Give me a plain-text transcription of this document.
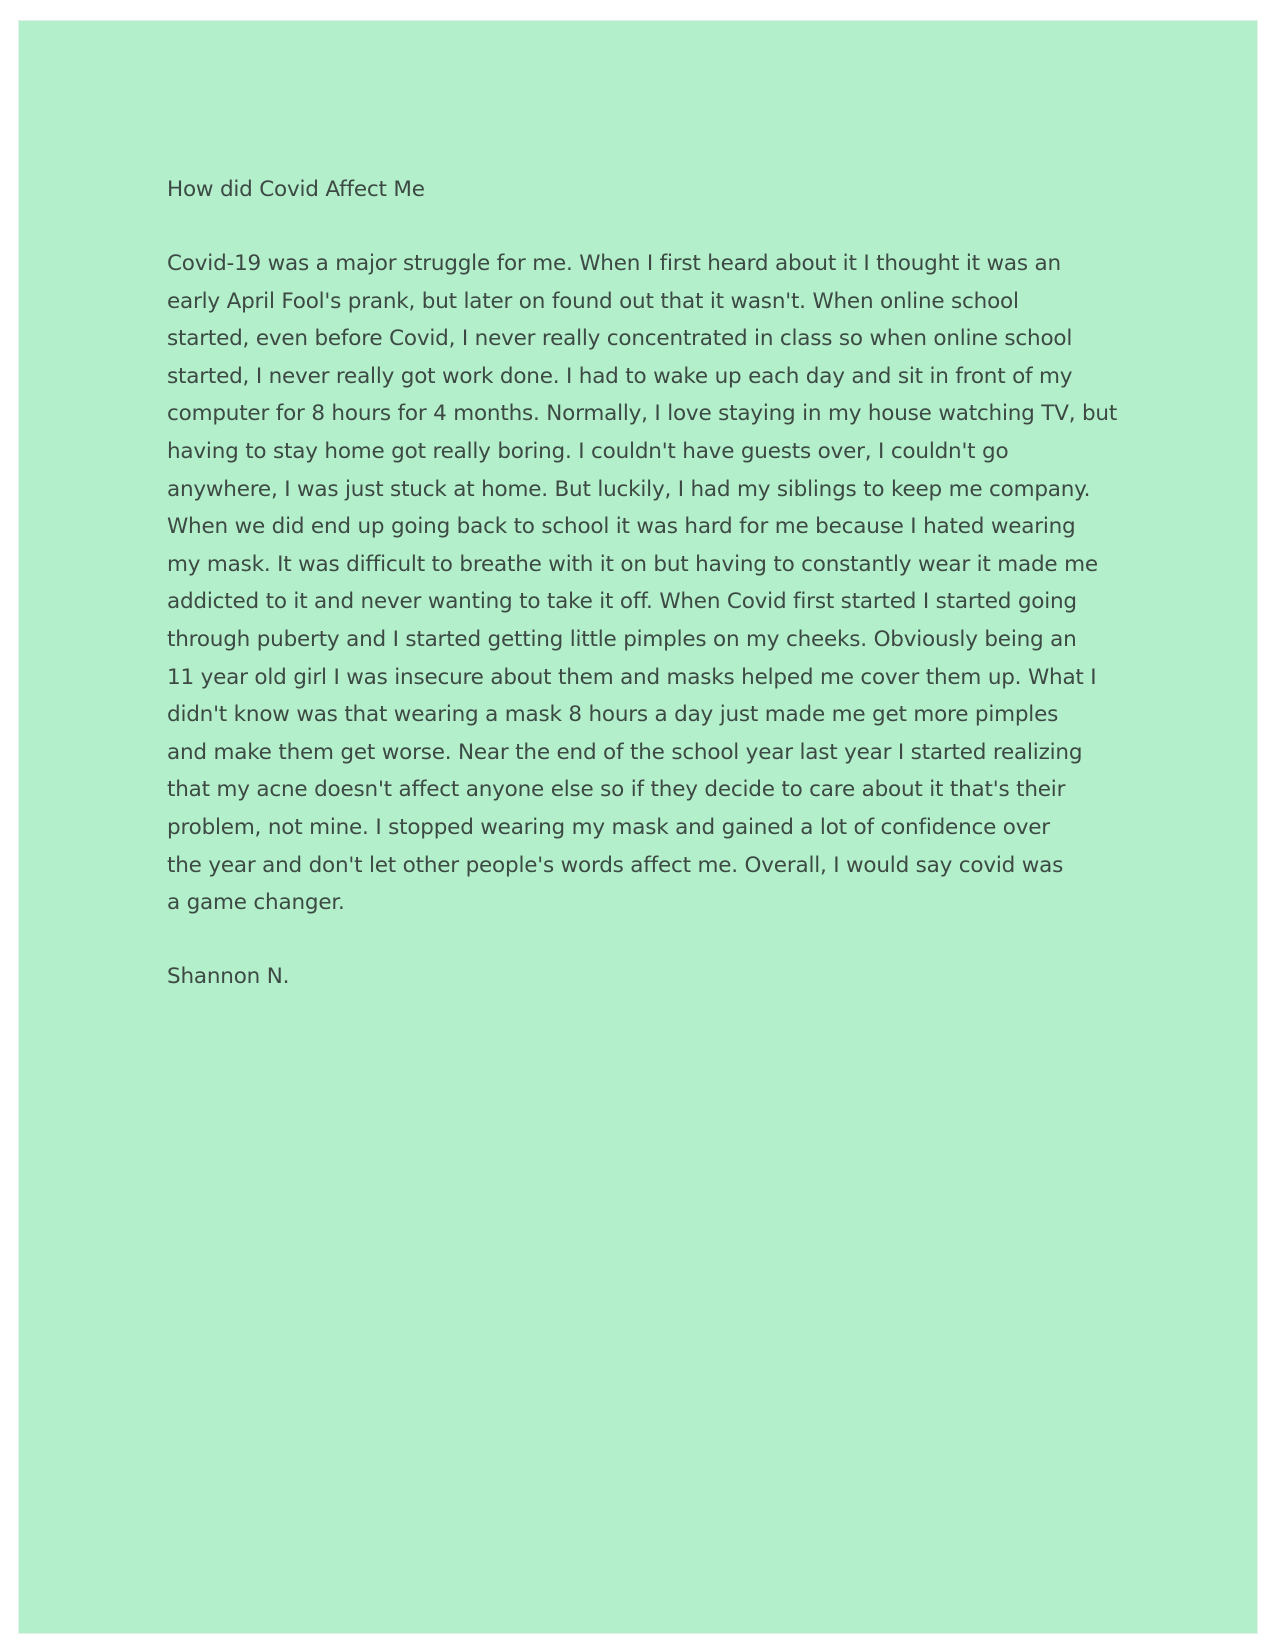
How did Covid Affect Me

Covid-19 was a major struggle for me. When I first heard about it I thought it was an
early April Fool's prank, but later on found out that it wasn't. When online school
started, even before Covid, I never really concentrated in class so when online school
started, I never really got work done. I had to wake up each day and sit in front of my
computer for 8 hours for 4 months. Normally, I love staying in my house watching TV, but
having to stay home got really boring. I couldn't have guests over, I couldn't go
anywhere, I was just stuck at home. But luckily, I had my siblings to keep me company.
When we did end up going back to school it was hard for me because I hated wearing
my mask. It was difficult to breathe with it on but having to constantly wear it made me
addicted to it and never wanting to take it off. When Covid first started I started going
through puberty and I started getting little pimples on my cheeks. Obviously being an
11 year old girl I was insecure about them and masks helped me cover them up. What I
didn't know was that wearing a mask 8 hours a day just made me get more pimples
and make them get worse. Near the end of the school year last year I started realizing
that my acne doesn't affect anyone else so if they decide to care about it that's their
problem, not mine. I stopped wearing my mask and gained a lot of confidence over
the year and don't let other people's words affect me. Overall, I would say covid was
a game changer.

Shannon N.
